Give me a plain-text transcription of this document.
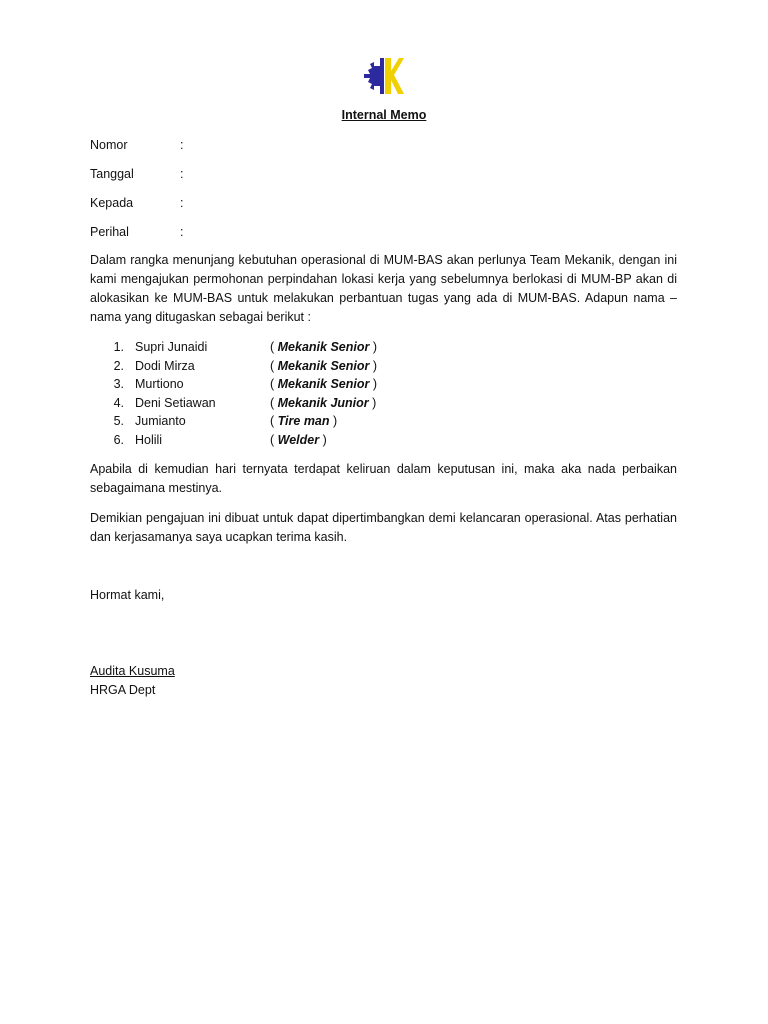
Internal Memo
Nomor	:
Tanggal	:
Kepada	:
Perihal	:

Dalam rangka menunjang kebutuhan operasional di MUM-BAS akan perlunya Team Mekanik, dengan ini kami mengajukan permohonan perpindahan lokasi kerja yang sebelumnya berlokasi di MUM-BP akan di alokasikan ke MUM-BAS untuk melakukan perbantuan tugas yang ada di MUM-BAS. Adapun nama – nama yang ditugaskan sebagai berikut :

1. Supri Junaidi	( Mekanik Senior )
2. Dodi Mirza	( Mekanik Senior )
3. Murtiono	( Mekanik Senior )
4. Deni Setiawan	( Mekanik Junior )
5. Jumianto	( Tire man )
6. Holili	( Welder )

Apabila di kemudian hari ternyata terdapat keliruan dalam keputusan ini, maka aka nada perbaikan sebagaimana mestinya.

Demikian pengajuan ini dibuat untuk dapat dipertimbangkan demi kelancaran operasional. Atas perhatian dan kerjasamanya saya ucapkan terima kasih.

Hormat kami,
Audita Kusuma
HRGA Dept
